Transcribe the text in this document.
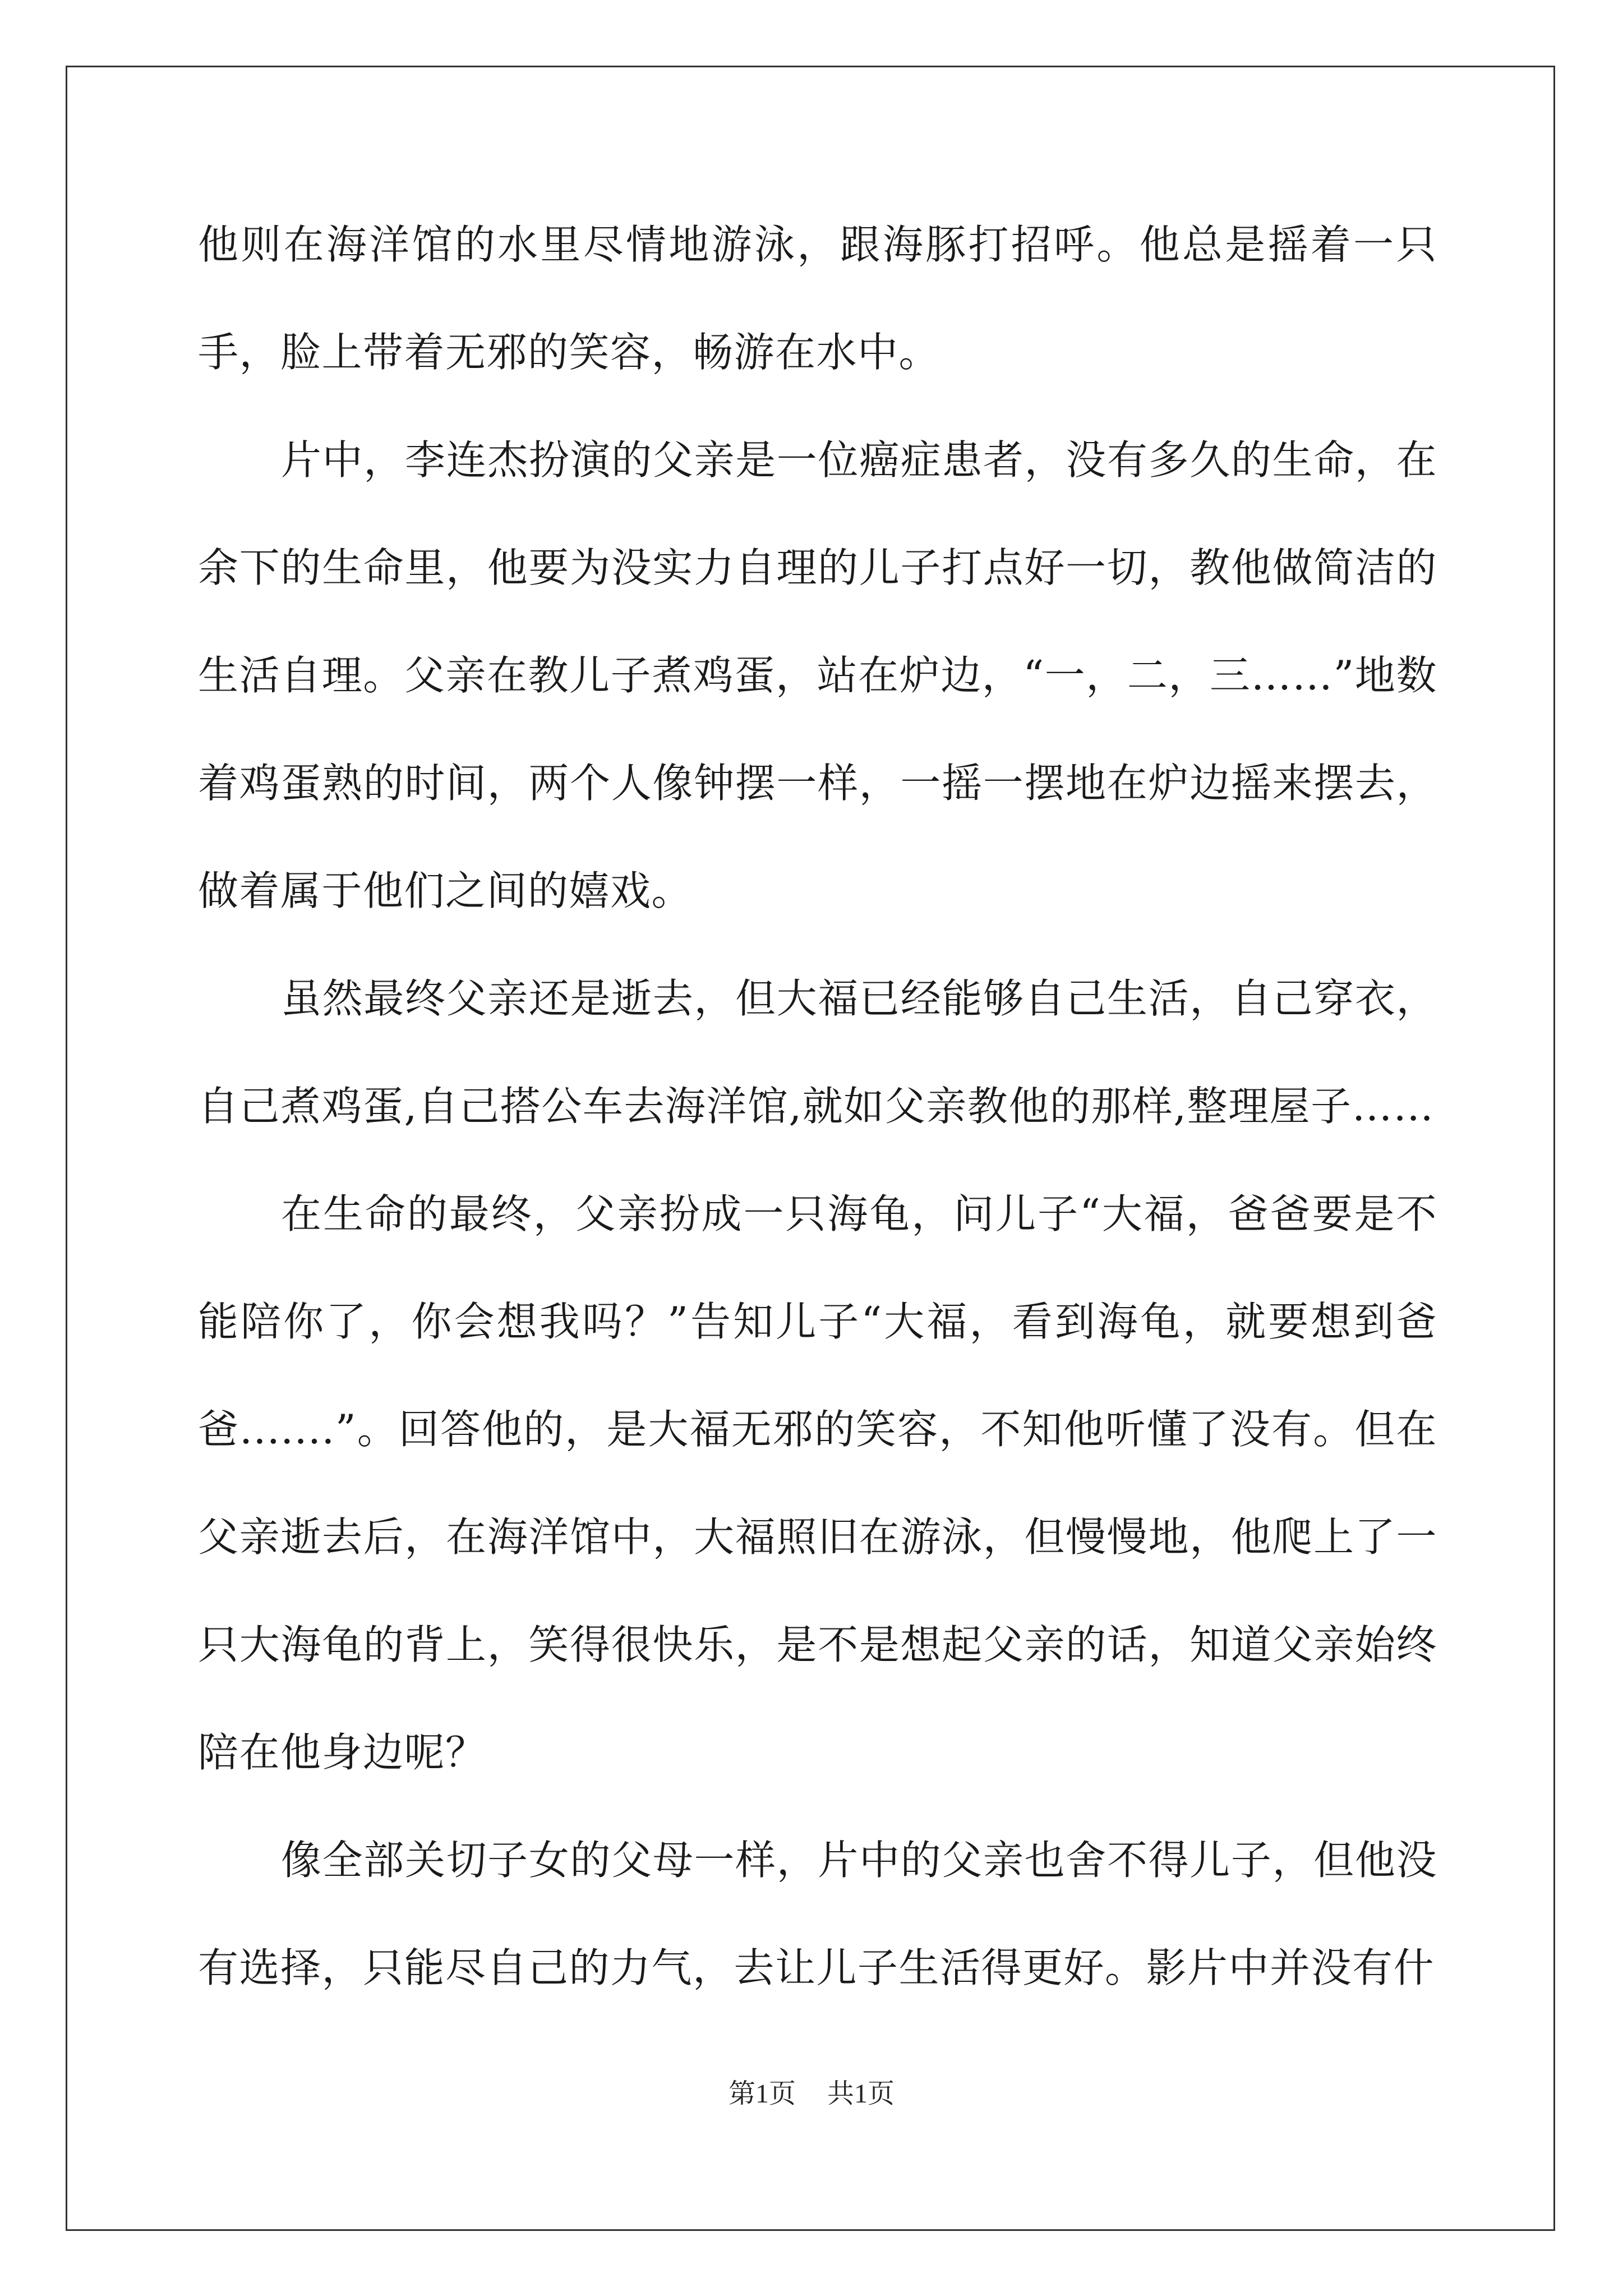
他则在海洋馆的水里尽情地游泳，跟海豚打招呼。他总是摇着一只手，脸上带着无邪的笑容，畅游在水中。

片中，李连杰扮演的父亲是一位癌症患者，没有多久的生命，在余下的生命里，他要为没实力自理的儿子打点好一切，教他做简洁的生活自理。父亲在教儿子煮鸡蛋，站在炉边，“一，二，三……”地数着鸡蛋熟的时间，两个人像钟摆一样，一摇一摆地在炉边摇来摆去，做着属于他们之间的嬉戏。

虽然最终父亲还是逝去，但大福已经能够自己生活，自己穿衣，自己煮鸡蛋,自己搭公车去海洋馆,就如父亲教他的那样,整理屋子……

在生命的最终，父亲扮成一只海龟，问儿子“大福，爸爸要是不能陪你了，你会想我吗？”告知儿子“大福，看到海龟，就要想到爸爸.......”。回答他的，是大福无邪的笑容，不知他听懂了没有。但在父亲逝去后，在海洋馆中，大福照旧在游泳，但慢慢地，他爬上了一只大海龟的背上，笑得很快乐，是不是想起父亲的话，知道父亲始终陪在他身边呢？

像全部关切子女的父母一样，片中的父亲也舍不得儿子，但他没有选择，只能尽自己的力气，去让儿子生活得更好。影片中并没有什

第1页 共1页
